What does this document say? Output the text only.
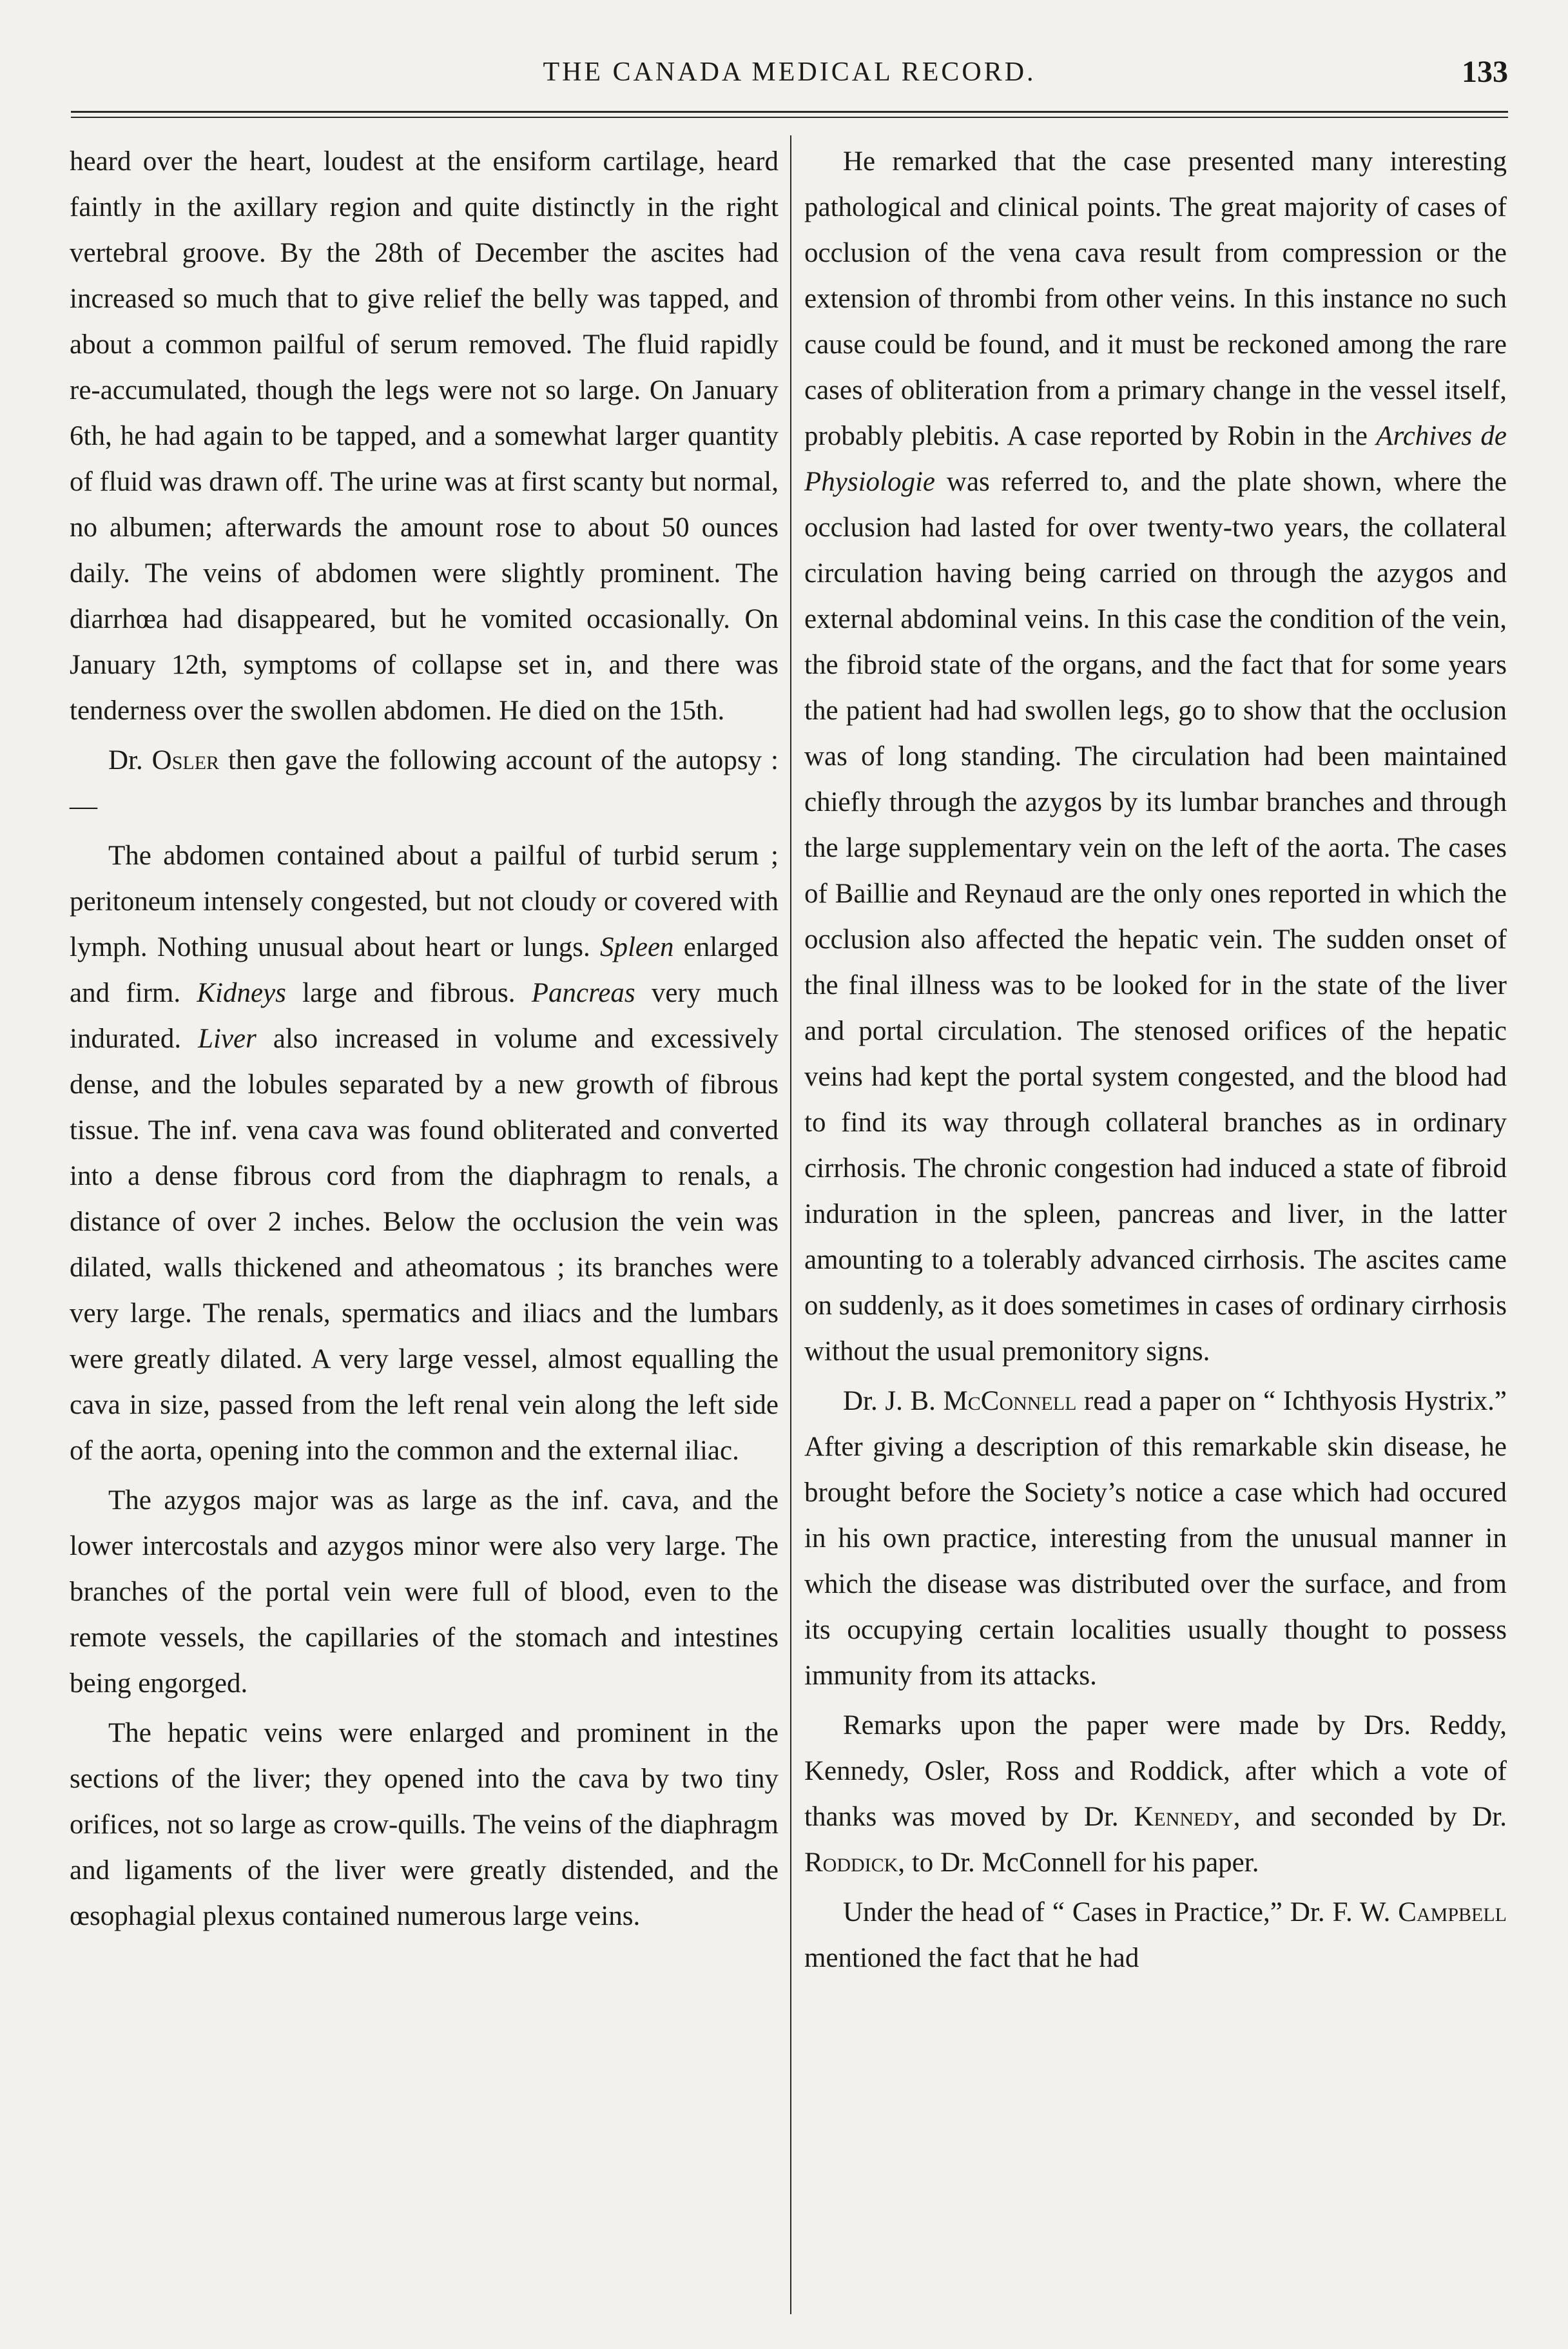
THE CANADA MEDICAL RECORD.	133

heard over the heart, loudest at the ensiform cartilage, heard faintly in the axillary region and quite distinctly in the right vertebral groove. By the 28th of December the ascites had increased so much that to give relief the belly was tapped, and about a common pailful of serum removed. The fluid rapidly re-accumulated, though the legs were not so large. On January 6th, he had again to be tapped, and a somewhat larger quantity of fluid was drawn off. The urine was at first scanty but normal, no albumen; afterwards the amount rose to about 50 ounces daily. The veins of abdomen were slightly prominent. The diarrhœa had disappeared, but he vomited occasionally. On January 12th, symptoms of collapse set in, and there was tenderness over the swollen abdomen. He died on the 15th.

Dr. Osler then gave the following account of the autopsy :—

The abdomen contained about a pailful of turbid serum ; peritoneum intensely congested, but not cloudy or covered with lymph. Nothing unusual about heart or lungs. Spleen enlarged and firm. Kidneys large and fibrous. Pancreas very much indurated. Liver also increased in volume and excessively dense, and the lobules separated by a new growth of fibrous tissue. The inf. vena cava was found obliterated and converted into a dense fibrous cord from the diaphragm to renals, a distance of over 2 inches. Below the occlusion the vein was dilated, walls thickened and atheomatous ; its branches were very large. The renals, spermatics and iliacs and the lumbars were greatly dilated. A very large vessel, almost equalling the cava in size, passed from the left renal vein along the left side of the aorta, opening into the common and the external iliac.

The azygos major was as large as the inf. cava, and the lower intercostals and azygos minor were also very large. The branches of the portal vein were full of blood, even to the remote vessels, the capillaries of the stomach and intestines being engorged.

The hepatic veins were enlarged and prominent in the sections of the liver; they opened into the cava by two tiny orifices, not so large as crow-quills. The veins of the diaphragm and ligaments of the liver were greatly distended, and the œsophagial plexus contained numerous large veins.

He remarked that the case presented many interesting pathological and clinical points. The great majority of cases of occlusion of the vena cava result from compression or the extension of thrombi from other veins. In this instance no such cause could be found, and it must be reckoned among the rare cases of obliteration from a primary change in the vessel itself, probably plebitis. A case reported by Robin in the Archives de Physiologie was referred to, and the plate shown, where the occlusion had lasted for over twenty-two years, the collateral circulation having being carried on through the azygos and external abdominal veins. In this case the condition of the vein, the fibroid state of the organs, and the fact that for some years the patient had had swollen legs, go to show that the occlusion was of long standing. The circulation had been maintained chiefly through the azygos by its lumbar branches and through the large supplementary vein on the left of the aorta. The cases of Baillie and Reynaud are the only ones reported in which the occlusion also affected the hepatic vein. The sudden onset of the final illness was to be looked for in the state of the liver and portal circulation. The stenosed orifices of the hepatic veins had kept the portal system congested, and the blood had to find its way through collateral branches as in ordinary cirrhosis. The chronic congestion had induced a state of fibroid induration in the spleen, pancreas and liver, in the latter amounting to a tolerably advanced cirrhosis. The ascites came on suddenly, as it does sometimes in cases of ordinary cirrhosis without the usual premonitory signs.

Dr. J. B. McConnell read a paper on “ Ichthyosis Hystrix.” After giving a description of this remarkable skin disease, he brought before the Society’s notice a case which had occured in his own practice, interesting from the unusual manner in which the disease was distributed over the surface, and from its occupying certain localities usually thought to possess immunity from its attacks.

Remarks upon the paper were made by Drs. Reddy, Kennedy, Osler, Ross and Roddick, after which a vote of thanks was moved by Dr. Kennedy, and seconded by Dr. Roddick, to Dr. McConnell for his paper.

Under the head of “ Cases in Practice,” Dr. F. W. Campbell mentioned the fact that he had
